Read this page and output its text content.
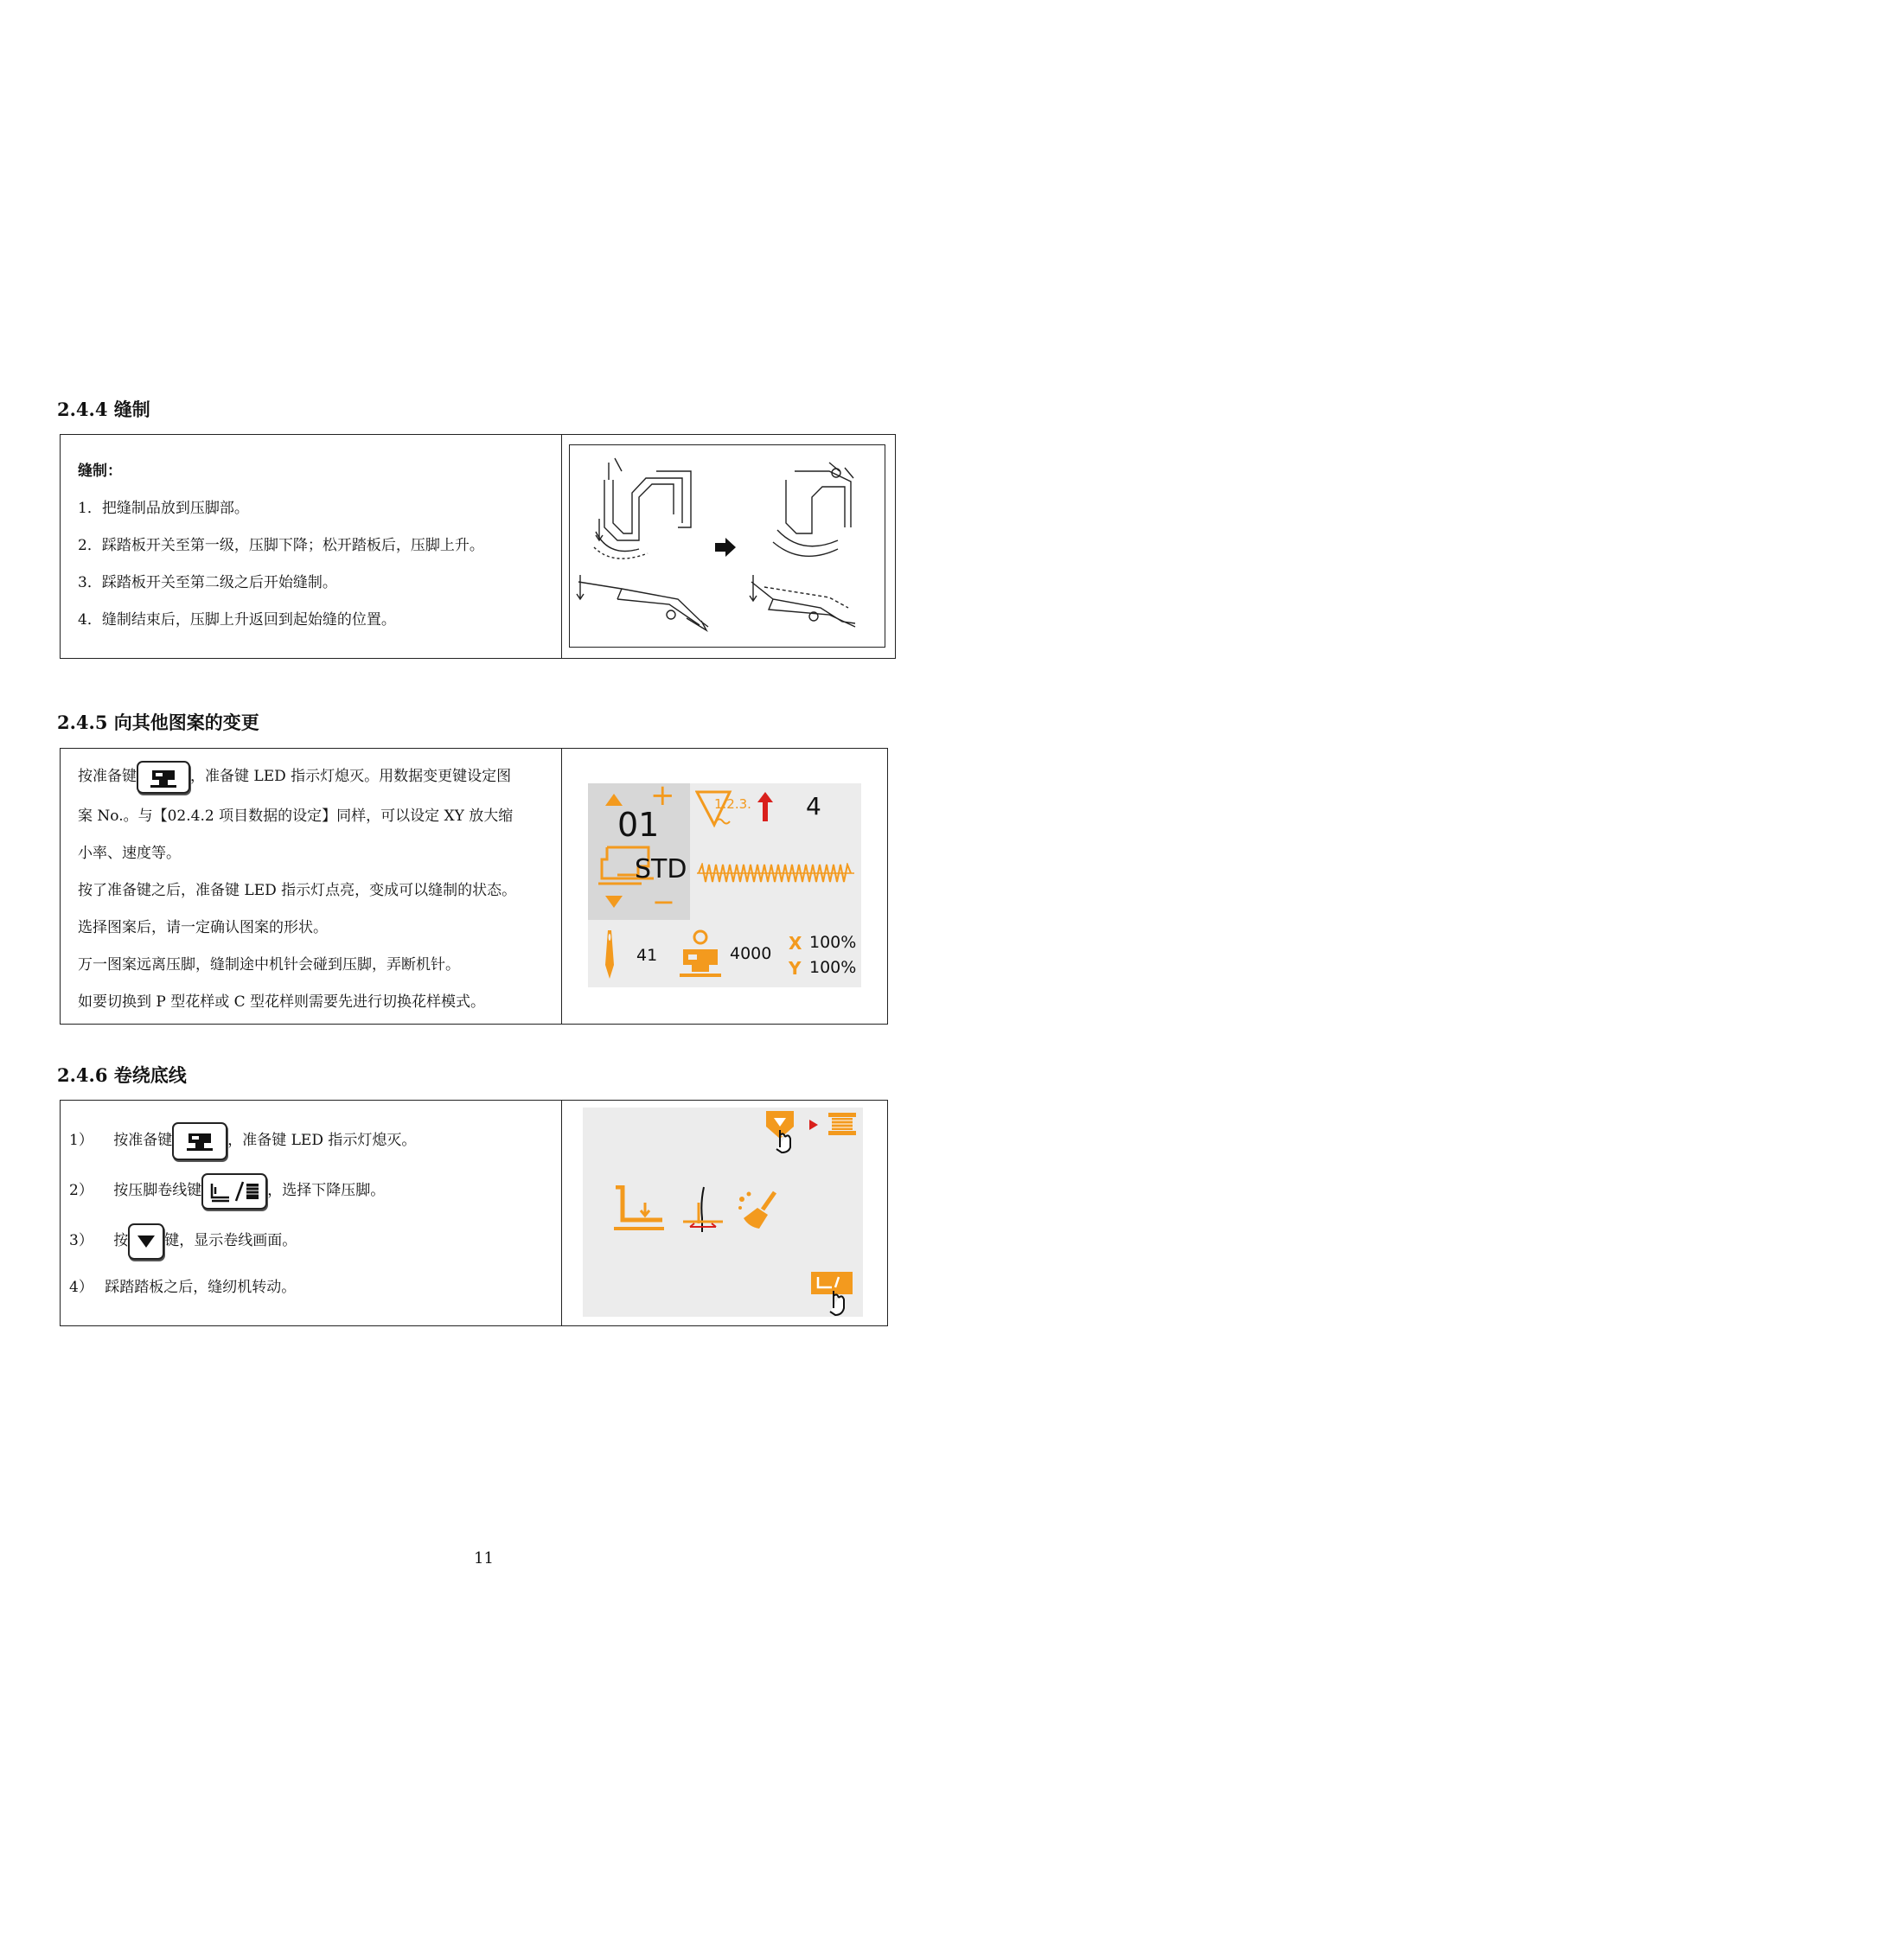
2.4.4 缝制
缝制：
1．把缝制品放到压脚部。
2．踩踏板开关至第一级，压脚下降；松开踏板后，压脚上升。
3．踩踏板开关至第二级之后开始缝制。
4．缝制结束后，压脚上升返回到起始缝的位置。
2.4.5 向其他图案的变更
按准备键	，准备键 LED 指示灯熄灭。用数据变更键设定图
案 No.。与【02.4.2 项目数据的设定】同样，可以设定 XY 放大缩
小率、速度等。
按了准备键之后，准备键 LED 指示灯点亮，变成可以缝制的状态。
选择图案后，请一定确认图案的形状。
万一图案远离压脚，缝制途中机针会碰到压脚，弄断机针。
如要切换到 P 型花样或 C 型花样则需要先进行切换花样模式。
+
01
STD
−
1.2.3. 4
41	4000 X 100%
Y 100%
2.4.6 卷绕底线
1） 按准备键	，准备键 LED 指示灯熄灭。
2） 按压脚卷线键	，选择下降压脚。
3） 按 键，显示卷线画面。
4） 踩踏踏板之后，缝纫机转动。
11
